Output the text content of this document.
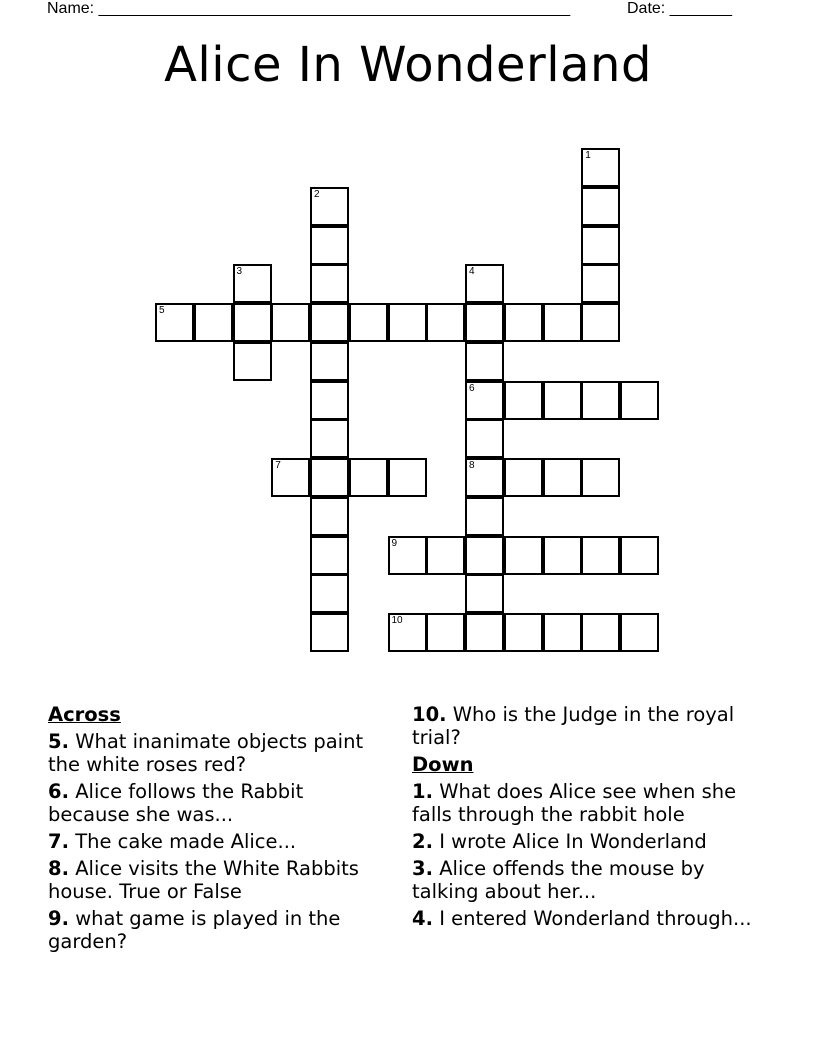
Name: _____________________________________________________	Date: _______
Alice In Wonderland
1
2
3	4
6
8
5
7
9
10
Across
5. What inanimate objects paint the white roses red?
6. Alice follows the Rabbit because she was...
7. The cake made Alice...
8. Alice visits the White Rabbits house. True or False
9. what game is played in the garden?
10. Who is the Judge in the royal trial?
Down
1. What does Alice see when she falls through the rabbit hole
2. I wrote Alice In Wonderland
3. Alice offends the mouse by talking about her...
4. I entered Wonderland through...
